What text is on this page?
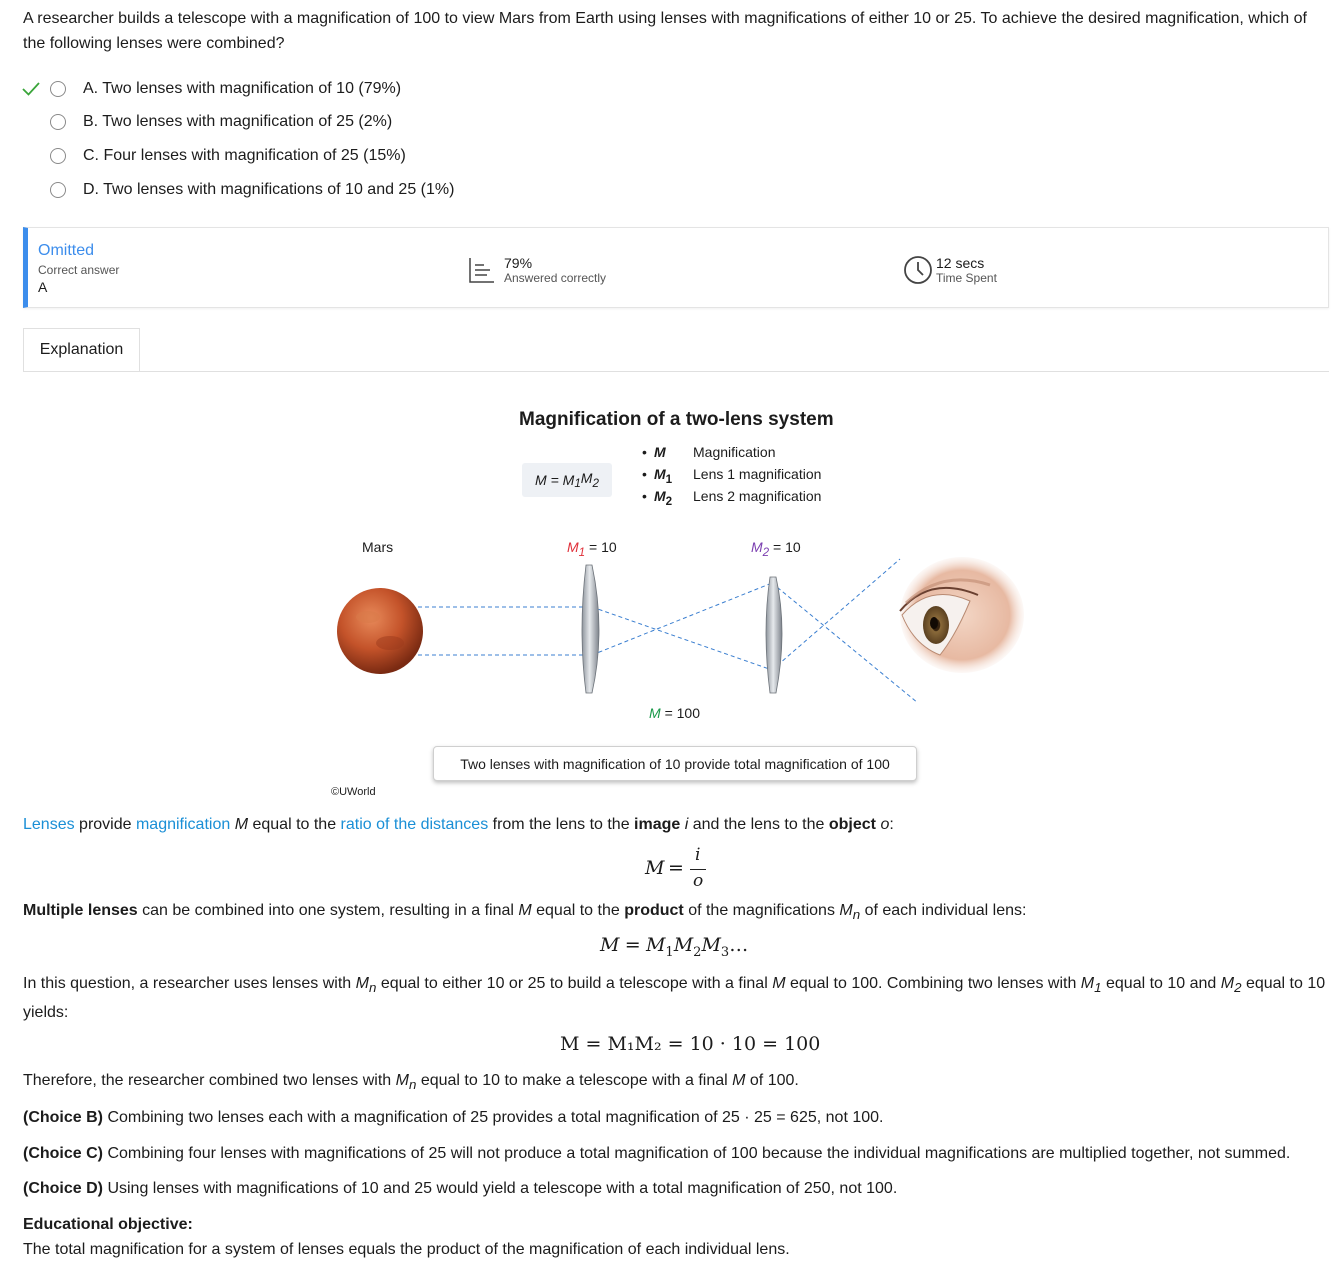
A researcher builds a telescope with a magnification of 100 to view Mars from Earth using lenses with magnifications of either 10 or 25. To achieve the desired magnification, which of the following lenses were combined?
A. Two lenses with magnification of 10 (79%)
B. Two lenses with magnification of 25 (2%)
C. Four lenses with magnification of 25 (15%)
D. Two lenses with magnifications of 10 and 25 (1%)
Omitted
Correct answer
A
79%
Answered correctly
12 secs
Time Spent
Explanation
Magnification of a two-lens system
M = M $_1M_2$
• M	Magnification
• $M_1$	Lens 1 magnification
• $M_2$	Lens 2 magnification
Mars	$M_1 = 10$	$M_2 = 10$
M = 100
Two lenses with magnification of 10 provide total magnification of 100
©UWorld
Lenses provide magnification M equal to the ratio of the distances from the lens to the image i and the lens to the object o:
M =
i
o
Multiple lenses can be combined into one system, resulting in a final M equal to the product of the magnifications $M_n$ of each individual lens:
$M = M_1M_2M_3\dots$
In this question, a researcher uses lenses with $M_n$ equal to either 10 or 25 to build a telescope with a final M equal to 100. Combining two lenses with $M_1$ equal to 10 and $M_2$ equal to 10 yields:
M = M₁M₂ = 10 · 10 = 100
Therefore, the researcher combined two lenses with $M_n$ equal to 10 to make a telescope with a final M of 100.
(Choice B) Combining two lenses each with a magnification of 25 provides a total magnification of 25 · 25 = 625, not 100.
(Choice C) Combining four lenses with magnifications of 25 will not produce a total magnification of 100 because the individual magnifications are multiplied together, not summed.
(Choice D) Using lenses with magnifications of 10 and 25 would yield a telescope with a total magnification of 250, not 100.
Educational objective:
The total magnification for a system of lenses equals the product of the magnification of each individual lens.
